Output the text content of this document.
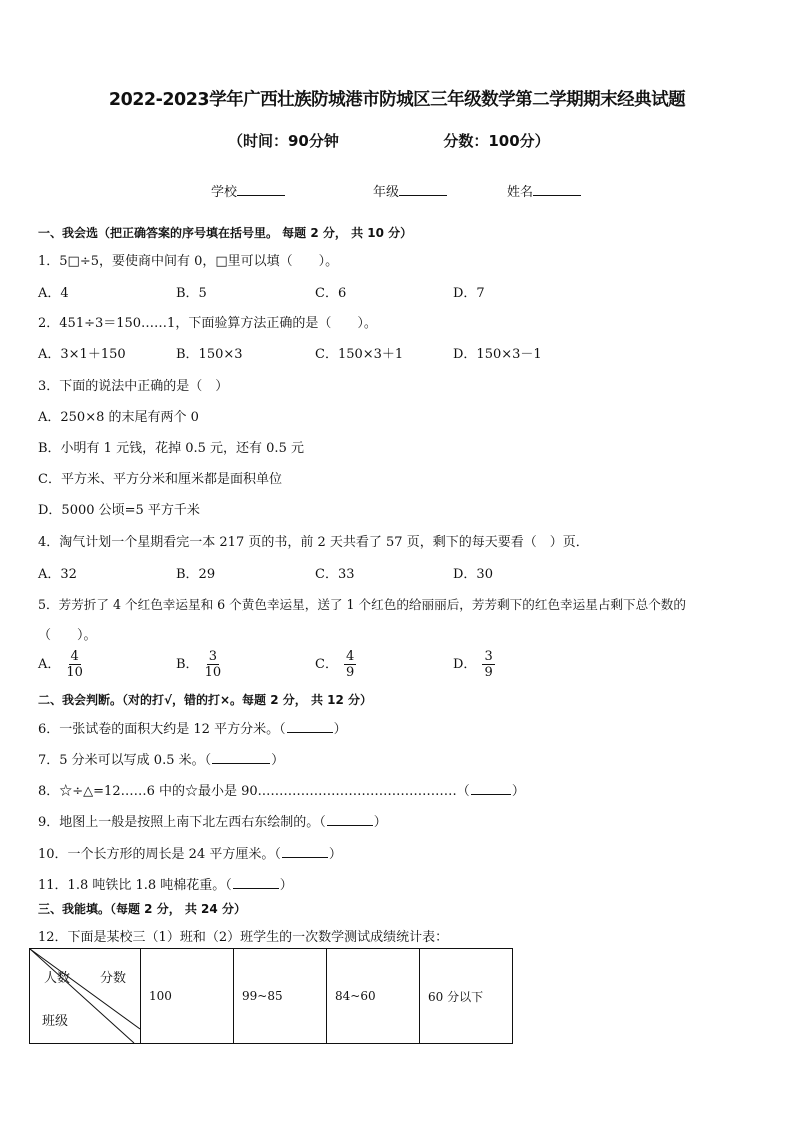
2022-2023学年广西壮族防城港市防城区三年级数学第二学期期末经典试题
（时间：90分钟                    分数：100分）
学校	年级	姓名
一、我会选（把正确答案的序号填在括号里。 每题 2 分， 共 10 分）
1．5□÷5，要使商中间有 0，□里可以填（　　）。
A．4	B．5	C．6	D．7
2．451÷3＝150……1，下面验算方法正确的是（　　）。
A．3×1＋150	B．150×3	C．150×3＋1	D．150×3－1
3．下面的说法中正确的是（　）
A．250×8 的末尾有两个 0
B．小明有 1 元钱，花掉 0.5 元，还有 0.5 元
C．平方米、平方分米和厘米都是面积单位
D．5000 公顷=5 平方千米
4．淘气计划一个星期看完一本 217 页的书，前 2 天共看了 57 页，剩下的每天要看（　）页．
A．32	B．29	C．33	D．30
5．芳芳折了 4 个红色幸运星和 6 个黄色幸运星，送了 1 个红色的给丽丽后，芳芳剩下的红色幸运星占剩下总个数的
（　　）。
A． $\frac{4}{10}$	B． $\frac{3}{10}$	C． $\frac{4}{9}$	D． $\frac{3}{9}$
二、我会判断。（对的打√，错的打×。每题 2 分， 共 12 分）
6．一张试卷的面积大约是 12 平方分米。（	）
7．5 分米可以写成 0.5 米。（	）
8．☆÷△=12……6 中的☆最小是 90.………………………………………（	）
9．地图上一般是按照上南下北左西右东绘制的。（	）
10．一个长方形的周长是 24 平方厘米。（	）
11．1.8 吨铁比 1.8 吨棉花重。（	）
三、我能填。（每题 2 分， 共 24 分）
12．下面是某校三（1）班和（2）班学生的一次数学测试成绩统计表：
人数 分数
班级
	100	99~85	84~60	60 分以下
